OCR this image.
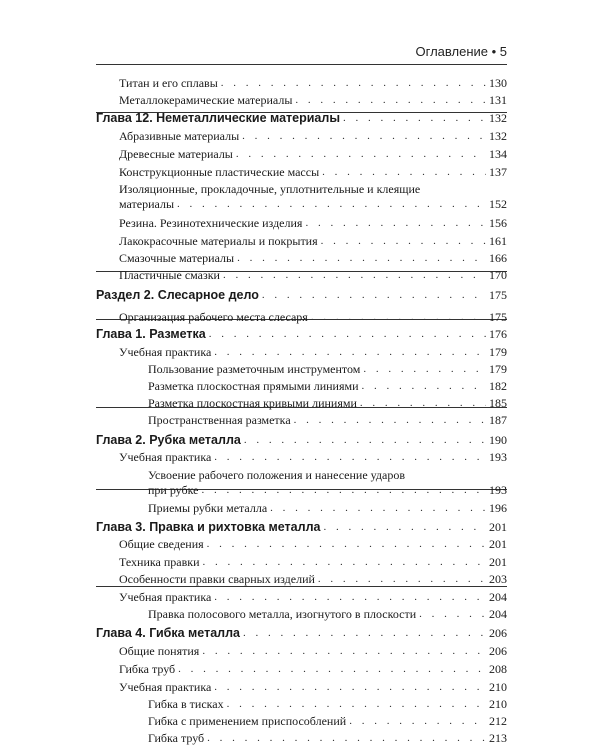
Оглавление • 5
Титан и его сплавы . . .	130
Металлокерамические материалы . . .	131
Глава 12. Неметаллические материалы . . .	132
Абразивные материалы . . .	132
Древесные материалы . . .	134
Конструкционные пластические массы . . .	137
Изоляционные, прокладочные, уплотнительные и клеящие
материалы . . .	152
Резина. Резинотехнические изделия . . .	156
Лакокрасочные материалы и покрытия . . .	161
Смазочные материалы . . .	166
Пластичные смазки . . .	170
Раздел 2. Слесарное дело . . .	175
Организация рабочего места слесаря . . .	175
Глава 1. Разметка . . .	176
Учебная практика . . .	179
Пользование разметочным инструментом . . .	179
Разметка плоскостная прямыми линиями . . .	182
Разметка плоскостная кривыми линиями . . .	185
Пространственная разметка . . .	187
Глава 2. Рубка металла . . .	190
Учебная практика . . .	193
Усвоение рабочего положения и нанесение ударов
при рубке . . .	193
Приемы рубки металла . . .	196
Глава 3. Правка и рихтовка металла . . .	201
Общие сведения . . .	201
Техника правки . . .	201
Особенности правки сварных изделий . . .	203
Учебная практика . . .	204
Правка полосового металла, изогнутого в плоскости . . .	204
Глава 4. Гибка металла . . .	206
Общие понятия . . .	206
Гибка труб . . .	208
Учебная практика . . .	210
Гибка в тисках . . .	210
Гибка с применением приспособлений . . .	212
Гибка труб . . .	213
